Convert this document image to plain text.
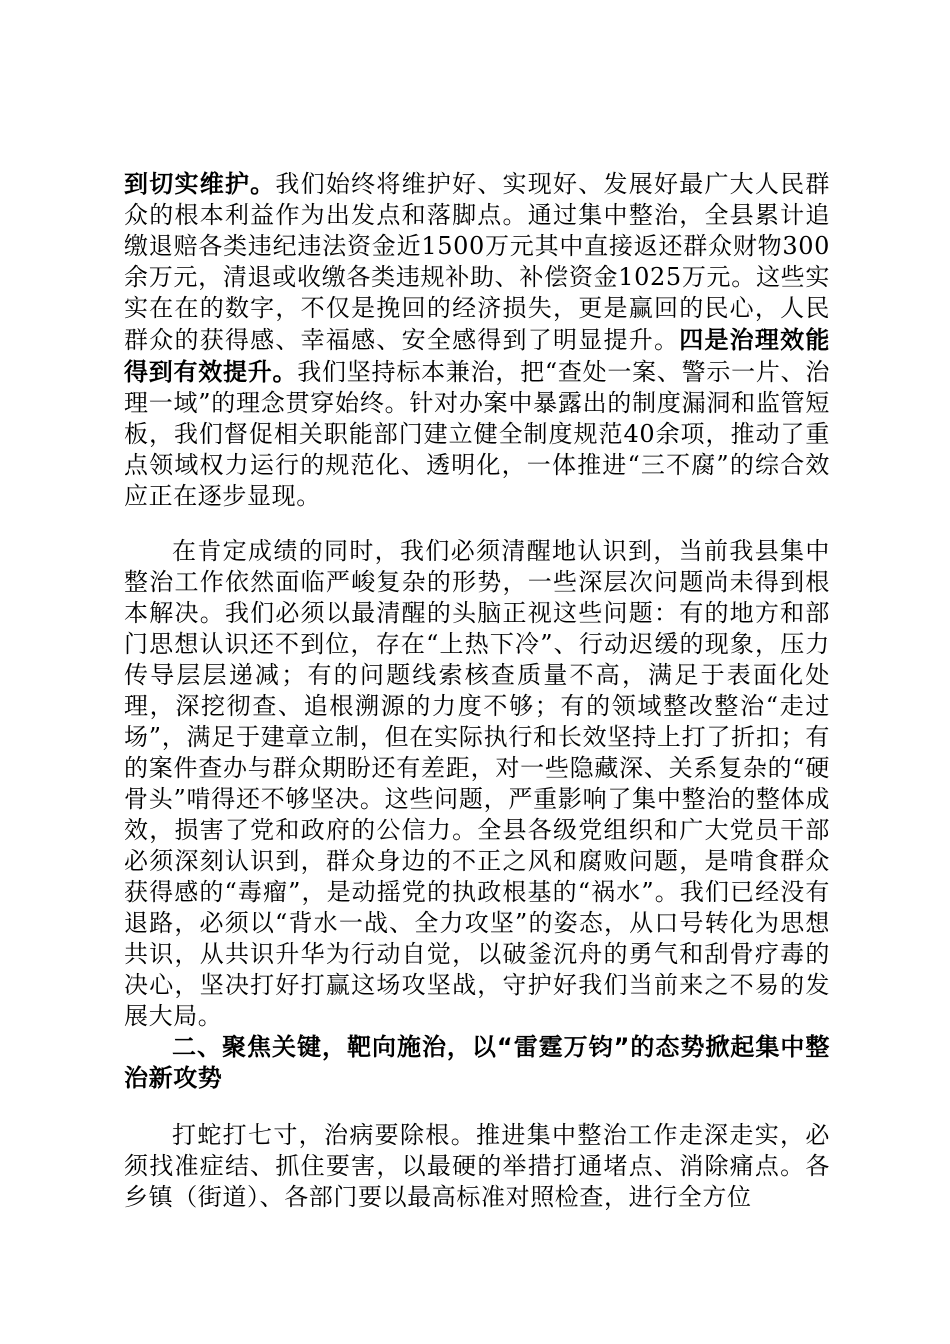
到切实维护。我们始终将维护好、实现好、发展好最广大人民群众的根本利益作为出发点和落脚点。通过集中整治，全县累计追缴退赔各类违纪违法资金近1500万元其中直接返还群众财物300余万元，清退或收缴各类违规补助、补偿资金1025万元。这些实实在在的数字，不仅是挽回的经济损失，更是赢回的民心，人民群众的获得感、幸福感、安全感得到了明显提升。四是治理效能得到有效提升。我们坚持标本兼治，把“查处一案、警示一片、治理一域”的理念贯穿始终。针对办案中暴露出的制度漏洞和监管短板，我们督促相关职能部门建立健全制度规范40余项，推动了重点领域权力运行的规范化、透明化，一体推进“三不腐”的综合效应正在逐步显现。

在肯定成绩的同时，我们必须清醒地认识到，当前我县集中整治工作依然面临严峻复杂的形势，一些深层次问题尚未得到根本解决。我们必须以最清醒的头脑正视这些问题：有的地方和部门思想认识还不到位，存在“上热下冷”、行动迟缓的现象，压力传导层层递减；有的问题线索核查质量不高，满足于表面化处理，深挖彻查、追根溯源的力度不够；有的领域整改整治“走过场”，满足于建章立制，但在实际执行和长效坚持上打了折扣；有的案件查办与群众期盼还有差距，对一些隐藏深、关系复杂的“硬骨头”啃得还不够坚决。这些问题，严重影响了集中整治的整体成效，损害了党和政府的公信力。全县各级党组织和广大党员干部必须深刻认识到，群众身边的不正之风和腐败问题，是啃食群众获得感的“毒瘤”，是动摇党的执政根基的“祸水”。我们已经没有退路，必须以“背水一战、全力攻坚”的姿态，从口号转化为思想共识，从共识升华为行动自觉，以破釜沉舟的勇气和刮骨疗毒的决心，坚决打好打赢这场攻坚战，守护好我们当前来之不易的发展大局。

二、聚焦关键，靶向施治，以“雷霆万钧”的态势掀起集中整治新攻势

打蛇打七寸，治病要除根。推进集中整治工作走深走实，必须找准症结、抓住要害，以最硬的举措打通堵点、消除痛点。各乡镇（街道）、各部门要以最高标准对照检查，进行全方位
